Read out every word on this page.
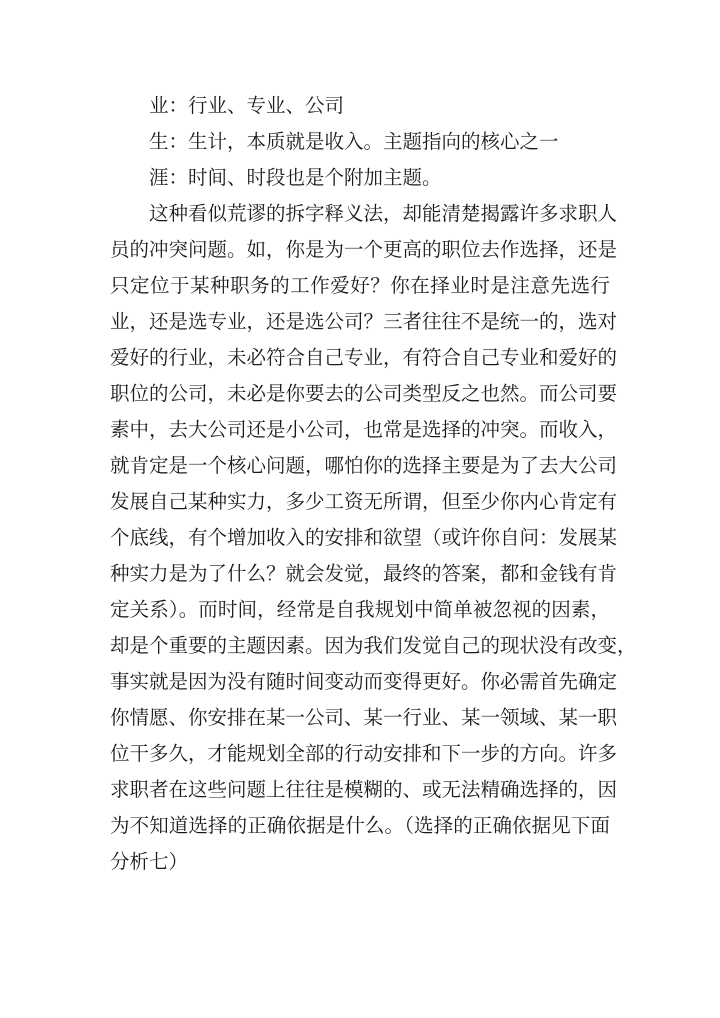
业：行业、专业、公司
生：生计，本质就是收入。主题指向的核心之一
涯：时间、时段也是个附加主题。
这种看似荒谬的拆字释义法，却能清楚揭露许多求职人
员的冲突问题。如，你是为一个更高的职位去作选择，还是
只定位于某种职务的工作爱好？你在择业时是注意先选行
业，还是选专业，还是选公司？三者往往不是统一的，选对
爱好的行业，未必符合自己专业，有符合自己专业和爱好的
职位的公司，未必是你要去的公司类型反之也然。而公司要
素中，去大公司还是小公司，也常是选择的冲突。而收入，
就肯定是一个核心问题，哪怕你的选择主要是为了去大公司
发展自己某种实力，多少工资无所谓，但至少你内心肯定有
个底线，有个增加收入的安排和欲望（或许你自问：发展某
种实力是为了什么？就会发觉，最终的答案，都和金钱有肯
定关系）。而时间，经常是自我规划中简单被忽视的因素，
却是个重要的主题因素。因为我们发觉自己的现状没有改变，
事实就是因为没有随时间变动而变得更好。你必需首先确定
你情愿、你安排在某一公司、某一行业、某一领域、某一职
位干多久，才能规划全部的行动安排和下一步的方向。许多
求职者在这些问题上往往是模糊的、或无法精确选择的，因
为不知道选择的正确依据是什么。（选择的正确依据见下面
分析七）
